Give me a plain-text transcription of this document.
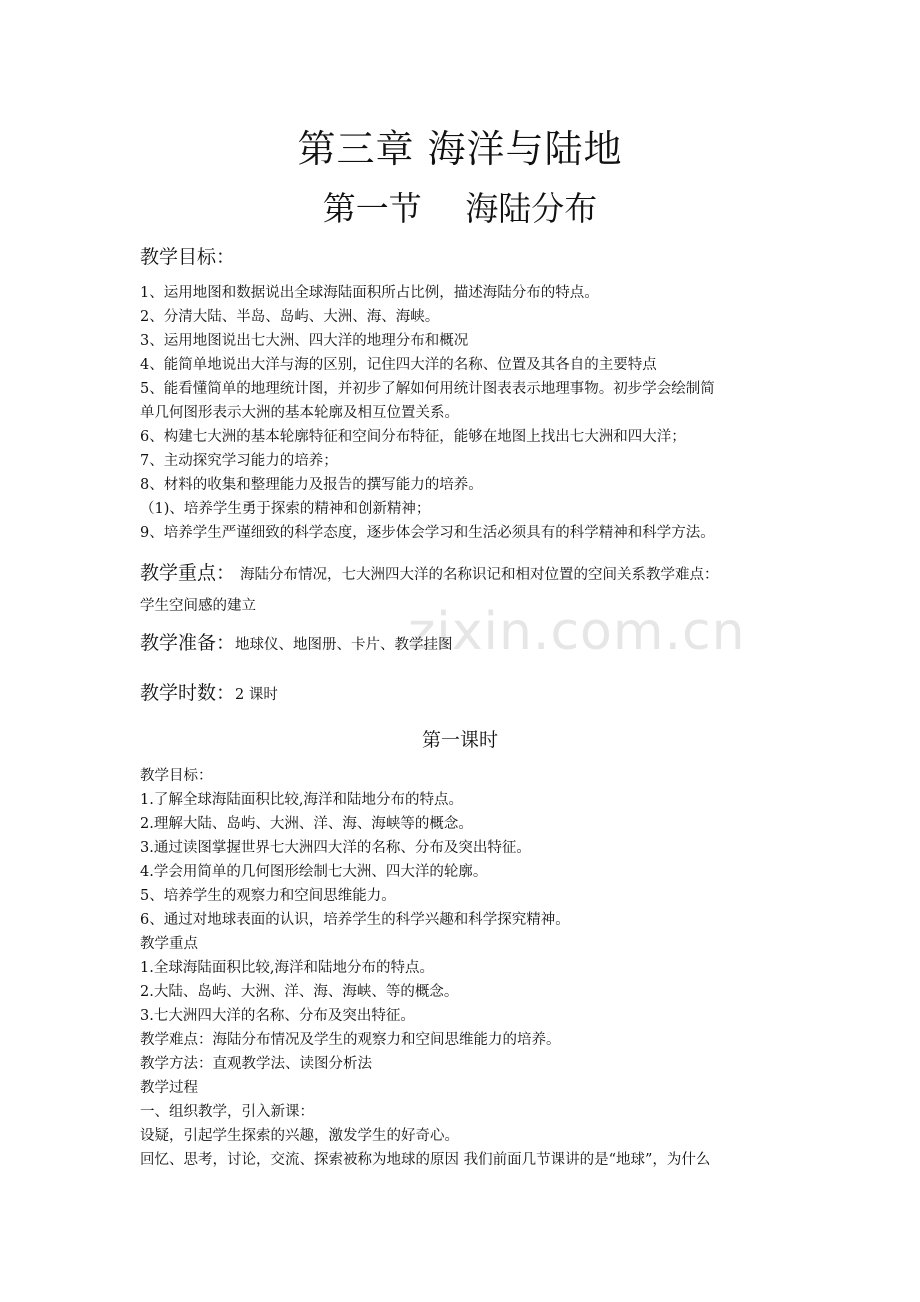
zixin.com.cn
第三章 海洋与陆地
第一节　 海陆分布
教学目标：
1、运用地图和数据说出全球海陆面积所占比例，描述海陆分布的特点。
2、分清大陆、半岛、岛屿、大洲、海、海峡。
3、运用地图说出七大洲、四大洋的地理分布和概况
4、能简单地说出大洋与海的区别，记住四大洋的名称、位置及其各自的主要特点
5、能看懂简单的地理统计图，并初步了解如何用统计图表表示地理事物。初步学会绘制简
单几何图形表示大洲的基本轮廓及相互位置关系。
6、构建七大洲的基本轮廓特征和空间分布特征，能够在地图上找出七大洲和四大洋；
7、主动探究学习能力的培养；
8、材料的收集和整理能力及报告的撰写能力的培养。
（1)、培养学生勇于探索的精神和创新精神；
9、培养学生严谨细致的科学态度，逐步体会学习和生活必须具有的科学精神和科学方法。
教学重点：　海陆分布情况，七大洲四大洋的名称识记和相对位置的空间关系教学难点：
学生空间感的建立
教学准备：地球仪、地图册、卡片、教学挂图
教学时数：2 课时
第一课时
教学目标：
1.了解全球海陆面积比较,海洋和陆地分布的特点。
2.理解大陆、岛屿、大洲、洋、海、海峡等的概念。
3.通过读图掌握世界七大洲四大洋的名称、分布及突出特征。
4.学会用简单的几何图形绘制七大洲、四大洋的轮廓。
5、培养学生的观察力和空间思维能力。
6、通过对地球表面的认识，培养学生的科学兴趣和科学探究精神。
教学重点
1.全球海陆面积比较,海洋和陆地分布的特点。
2.大陆、岛屿、大洲、洋、海、海峡、等的概念。
3.七大洲四大洋的名称、分布及突出特征。
教学难点：海陆分布情况及学生的观察力和空间思维能力的培养。
教学方法：直观教学法、读图分析法
教学过程
一、组织教学，引入新课：
设疑，引起学生探索的兴趣，激发学生的好奇心。
回忆、思考，讨论，交流、探索被称为地球的原因 我们前面几节课讲的是“地球”，为什么
